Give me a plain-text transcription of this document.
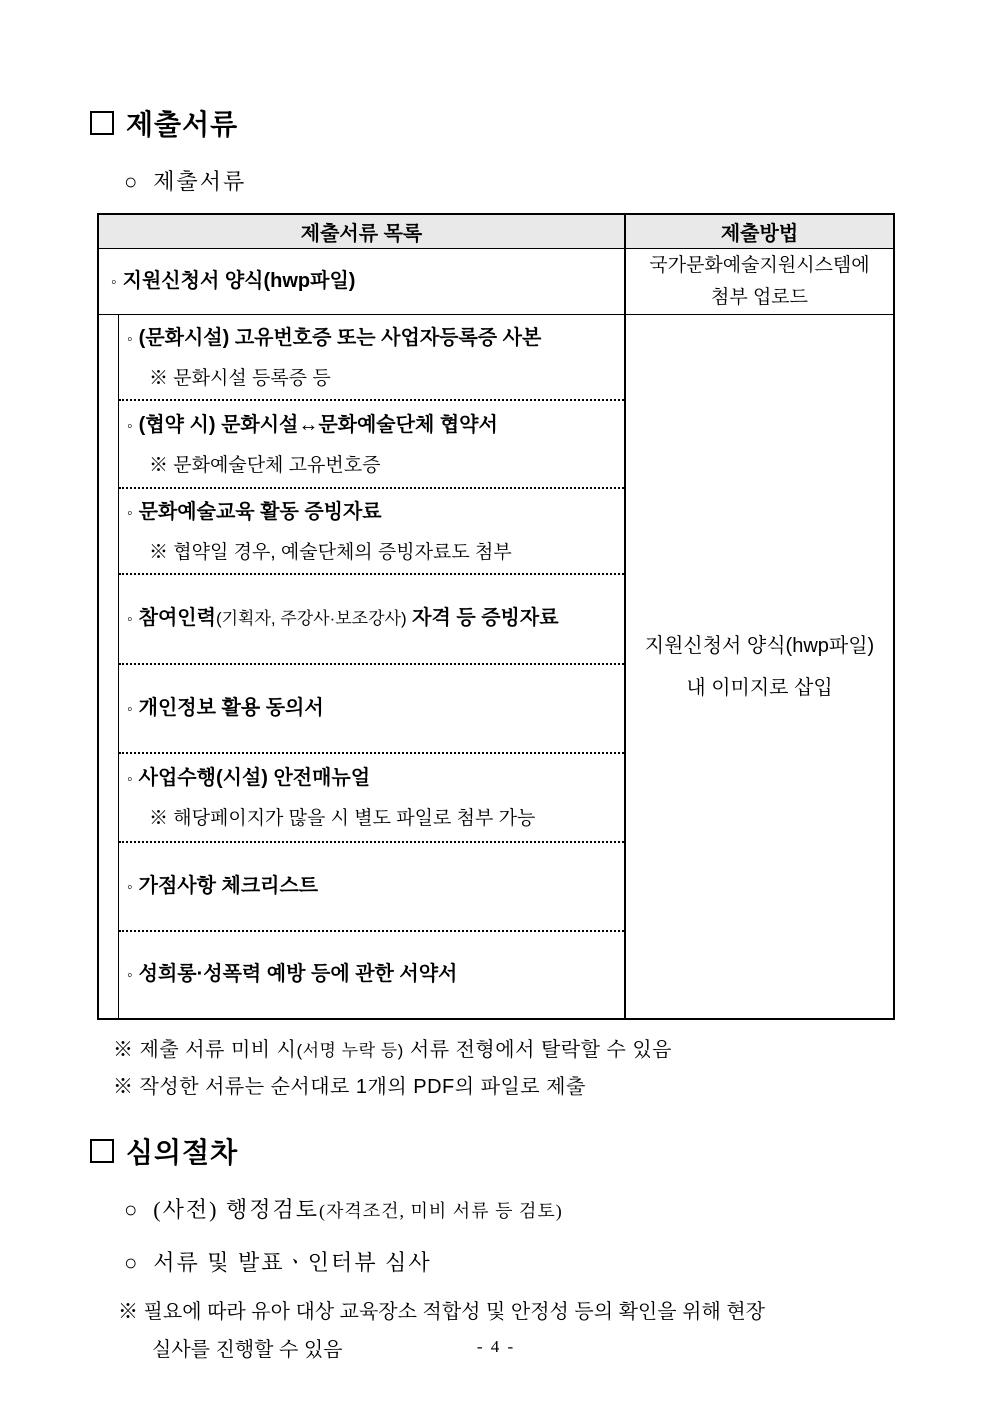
제출서류
○ 제출서류
제출서류 목록	제출방법
◦ 지원신청서 양식(hwp파일)
국가문화예술지원시스템에
첨부 업로드
◦ (문화시설) 고유번호증 또는 사업자등록증 사본
※ 문화시설 등록증 등
◦ (협약 시) 문화시설↔문화예술단체 협약서
※ 문화예술단체 고유번호증
◦ 문화예술교육 활동 증빙자료
※ 협약일 경우, 예술단체의 증빙자료도 첨부
◦ 참여인력(기획자, 주강사·보조강사) 자격 등 증빙자료
◦ 개인정보 활용 동의서
◦ 사업수행(시설) 안전매뉴얼
※ 해당페이지가 많을 시 별도 파일로 첨부 가능
◦ 가점사항 체크리스트
◦ 성희롱·성폭력 예방 등에 관한 서약서
지원신청서 양식(hwp파일)
내 이미지로 삽입
※ 제출 서류 미비 시(서명 누락 등) 서류 전형에서 탈락할 수 있음
※ 작성한 서류는 순서대로 1개의 PDF의 파일로 제출
심의절차
○ (사전) 행정검토(자격조건, 미비 서류 등 검토)
○ 서류 및 발표ㆍ인터뷰 심사
※ 필요에 따라 유아 대상 교육장소 적합성 및 안정성 등의 확인을 위해 현장
실사를 진행할 수 있음	- 4 -
